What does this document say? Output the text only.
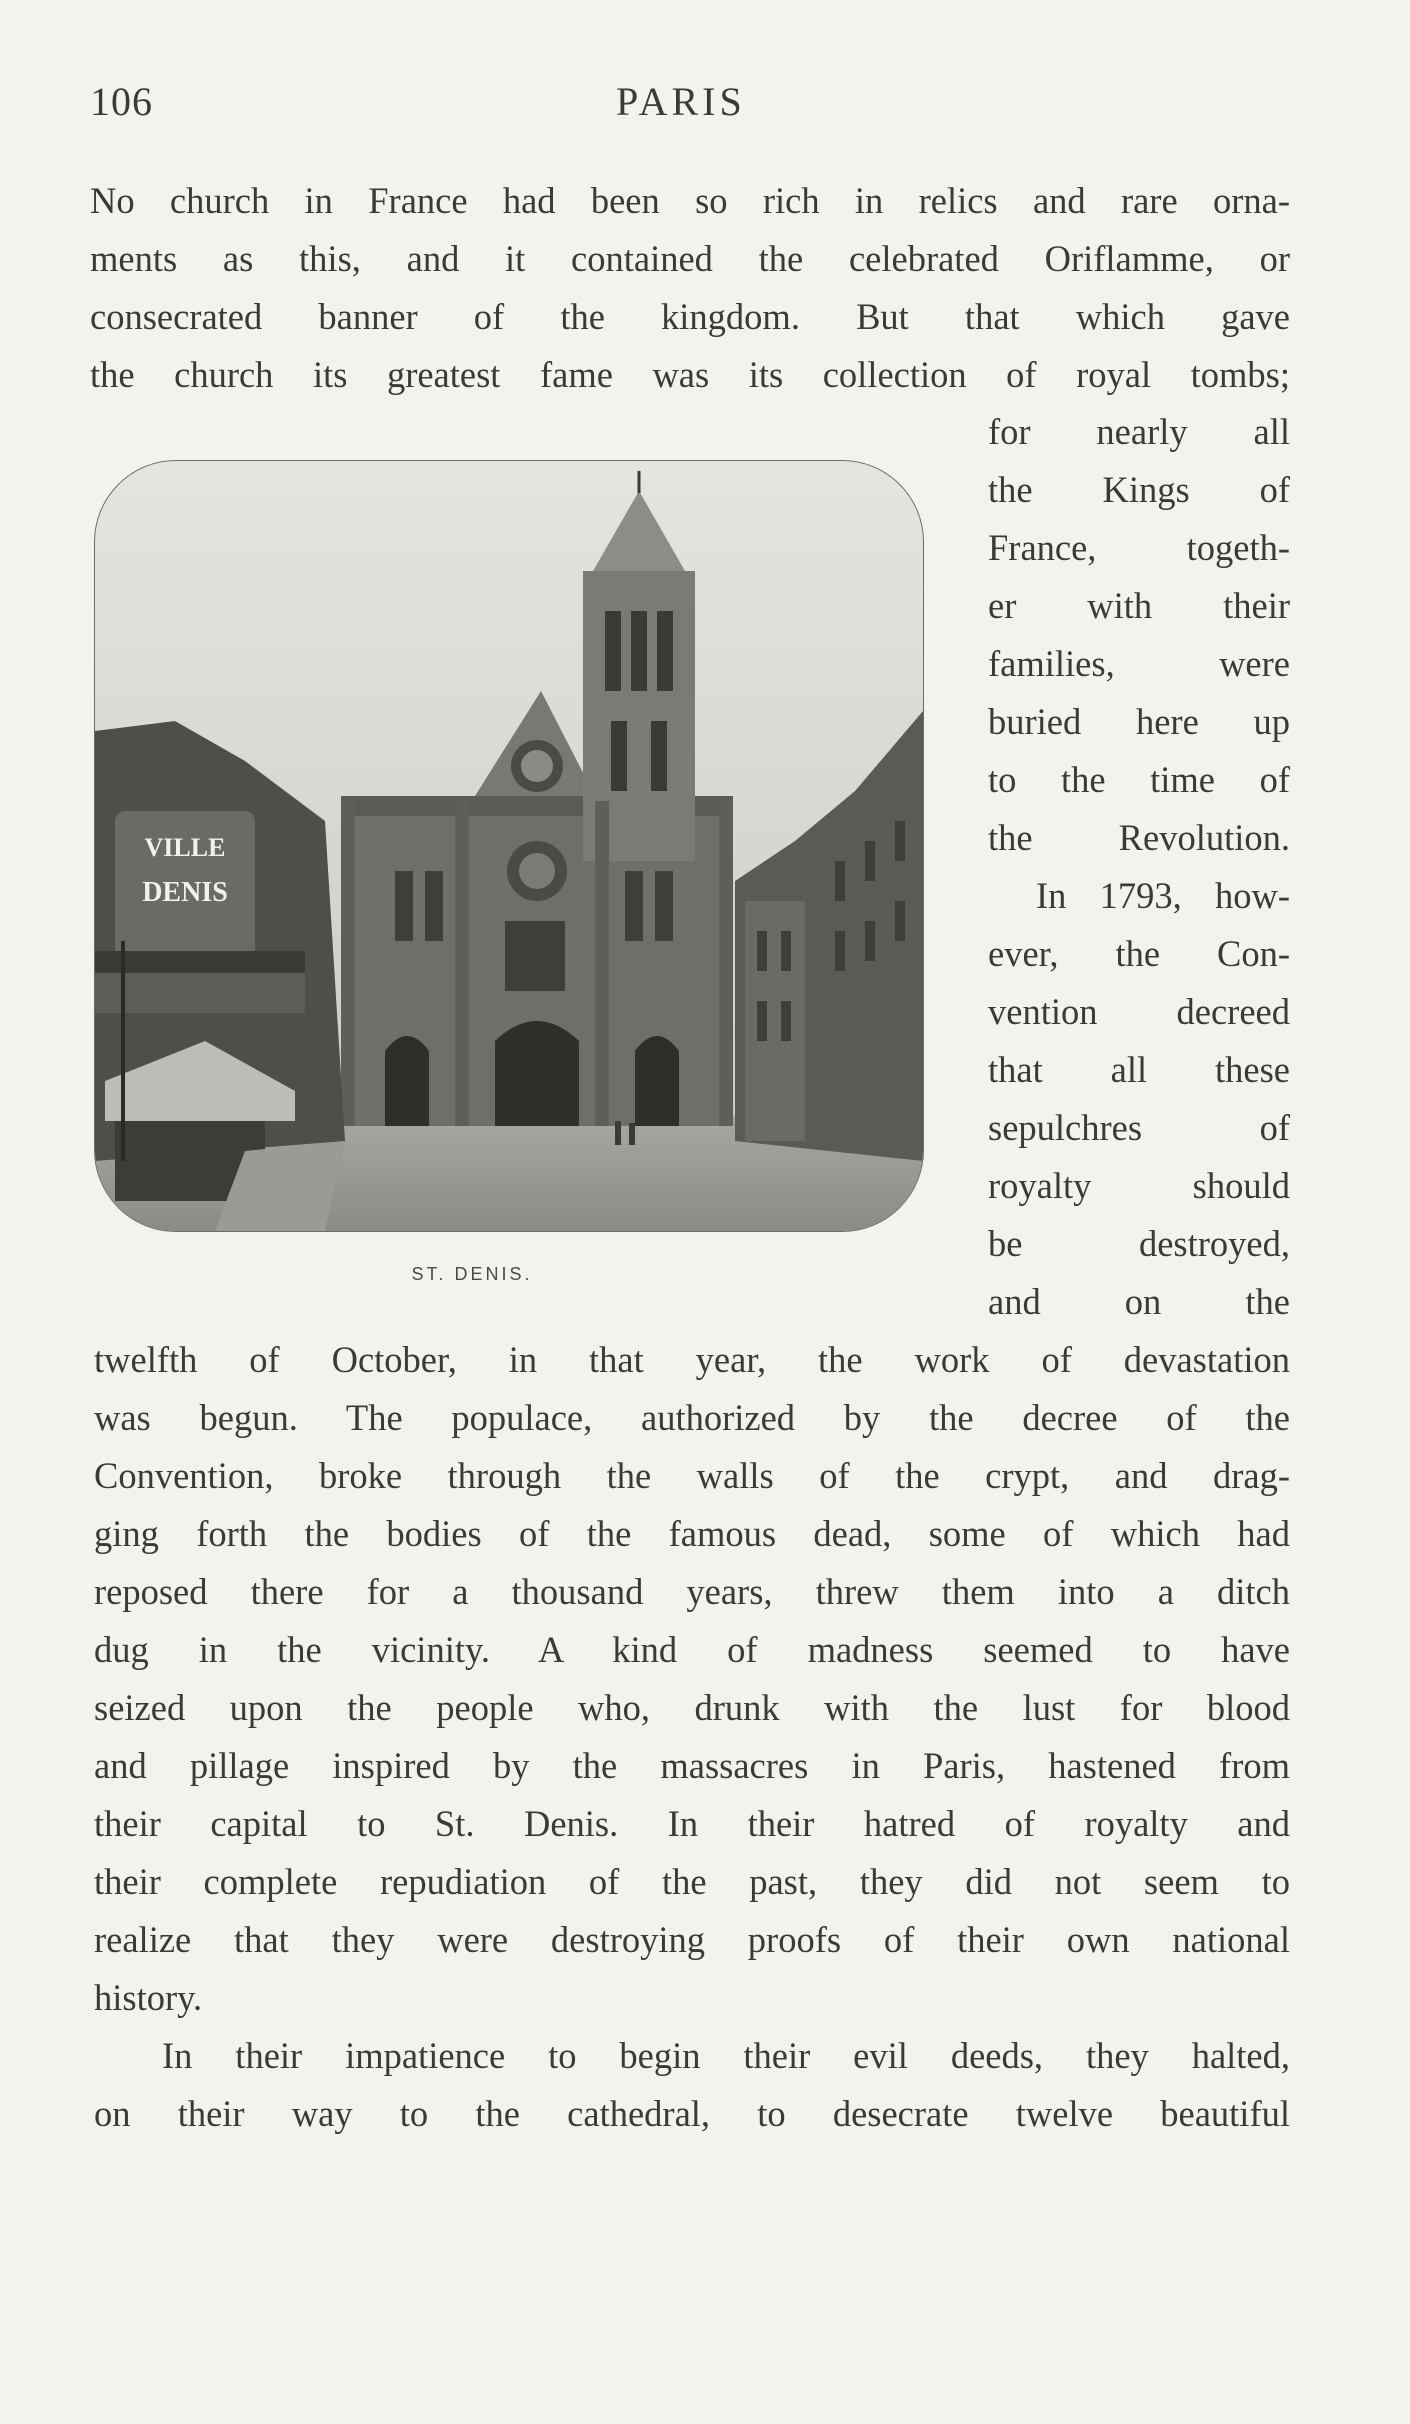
106	PARIS
No church in France had been so rich in relics and rare orna-
ments as this, and it contained the celebrated Oriflamme, or
consecrated banner of the kingdom. But that which gave
the church its greatest fame was its collection of royal tombs;
for nearly all
the Kings of
France, togeth-
er with their
families, were
buried here up
to the time of
the Revolution.
In 1793, how-
ever, the Con-
vention decreed
that all these
sepulchres of
royalty should
be destroyed,
and on the
VILLE
DENIS
ST. DENIS.
twelfth of October, in that year, the work of devastation
was begun. The populace, authorized by the decree of the
Convention, broke through the walls of the crypt, and drag-
ging forth the bodies of the famous dead, some of which had
reposed there for a thousand years, threw them into a ditch
dug in the vicinity. A kind of madness seemed to have
seized upon the people who, drunk with the lust for blood
and pillage inspired by the massacres in Paris, hastened from
their capital to St. Denis. In their hatred of royalty and
their complete repudiation of the past, they did not seem to
realize that they were destroying proofs of their own national
history.
In their impatience to begin their evil deeds, they halted,
on their way to the cathedral, to desecrate twelve beautiful
